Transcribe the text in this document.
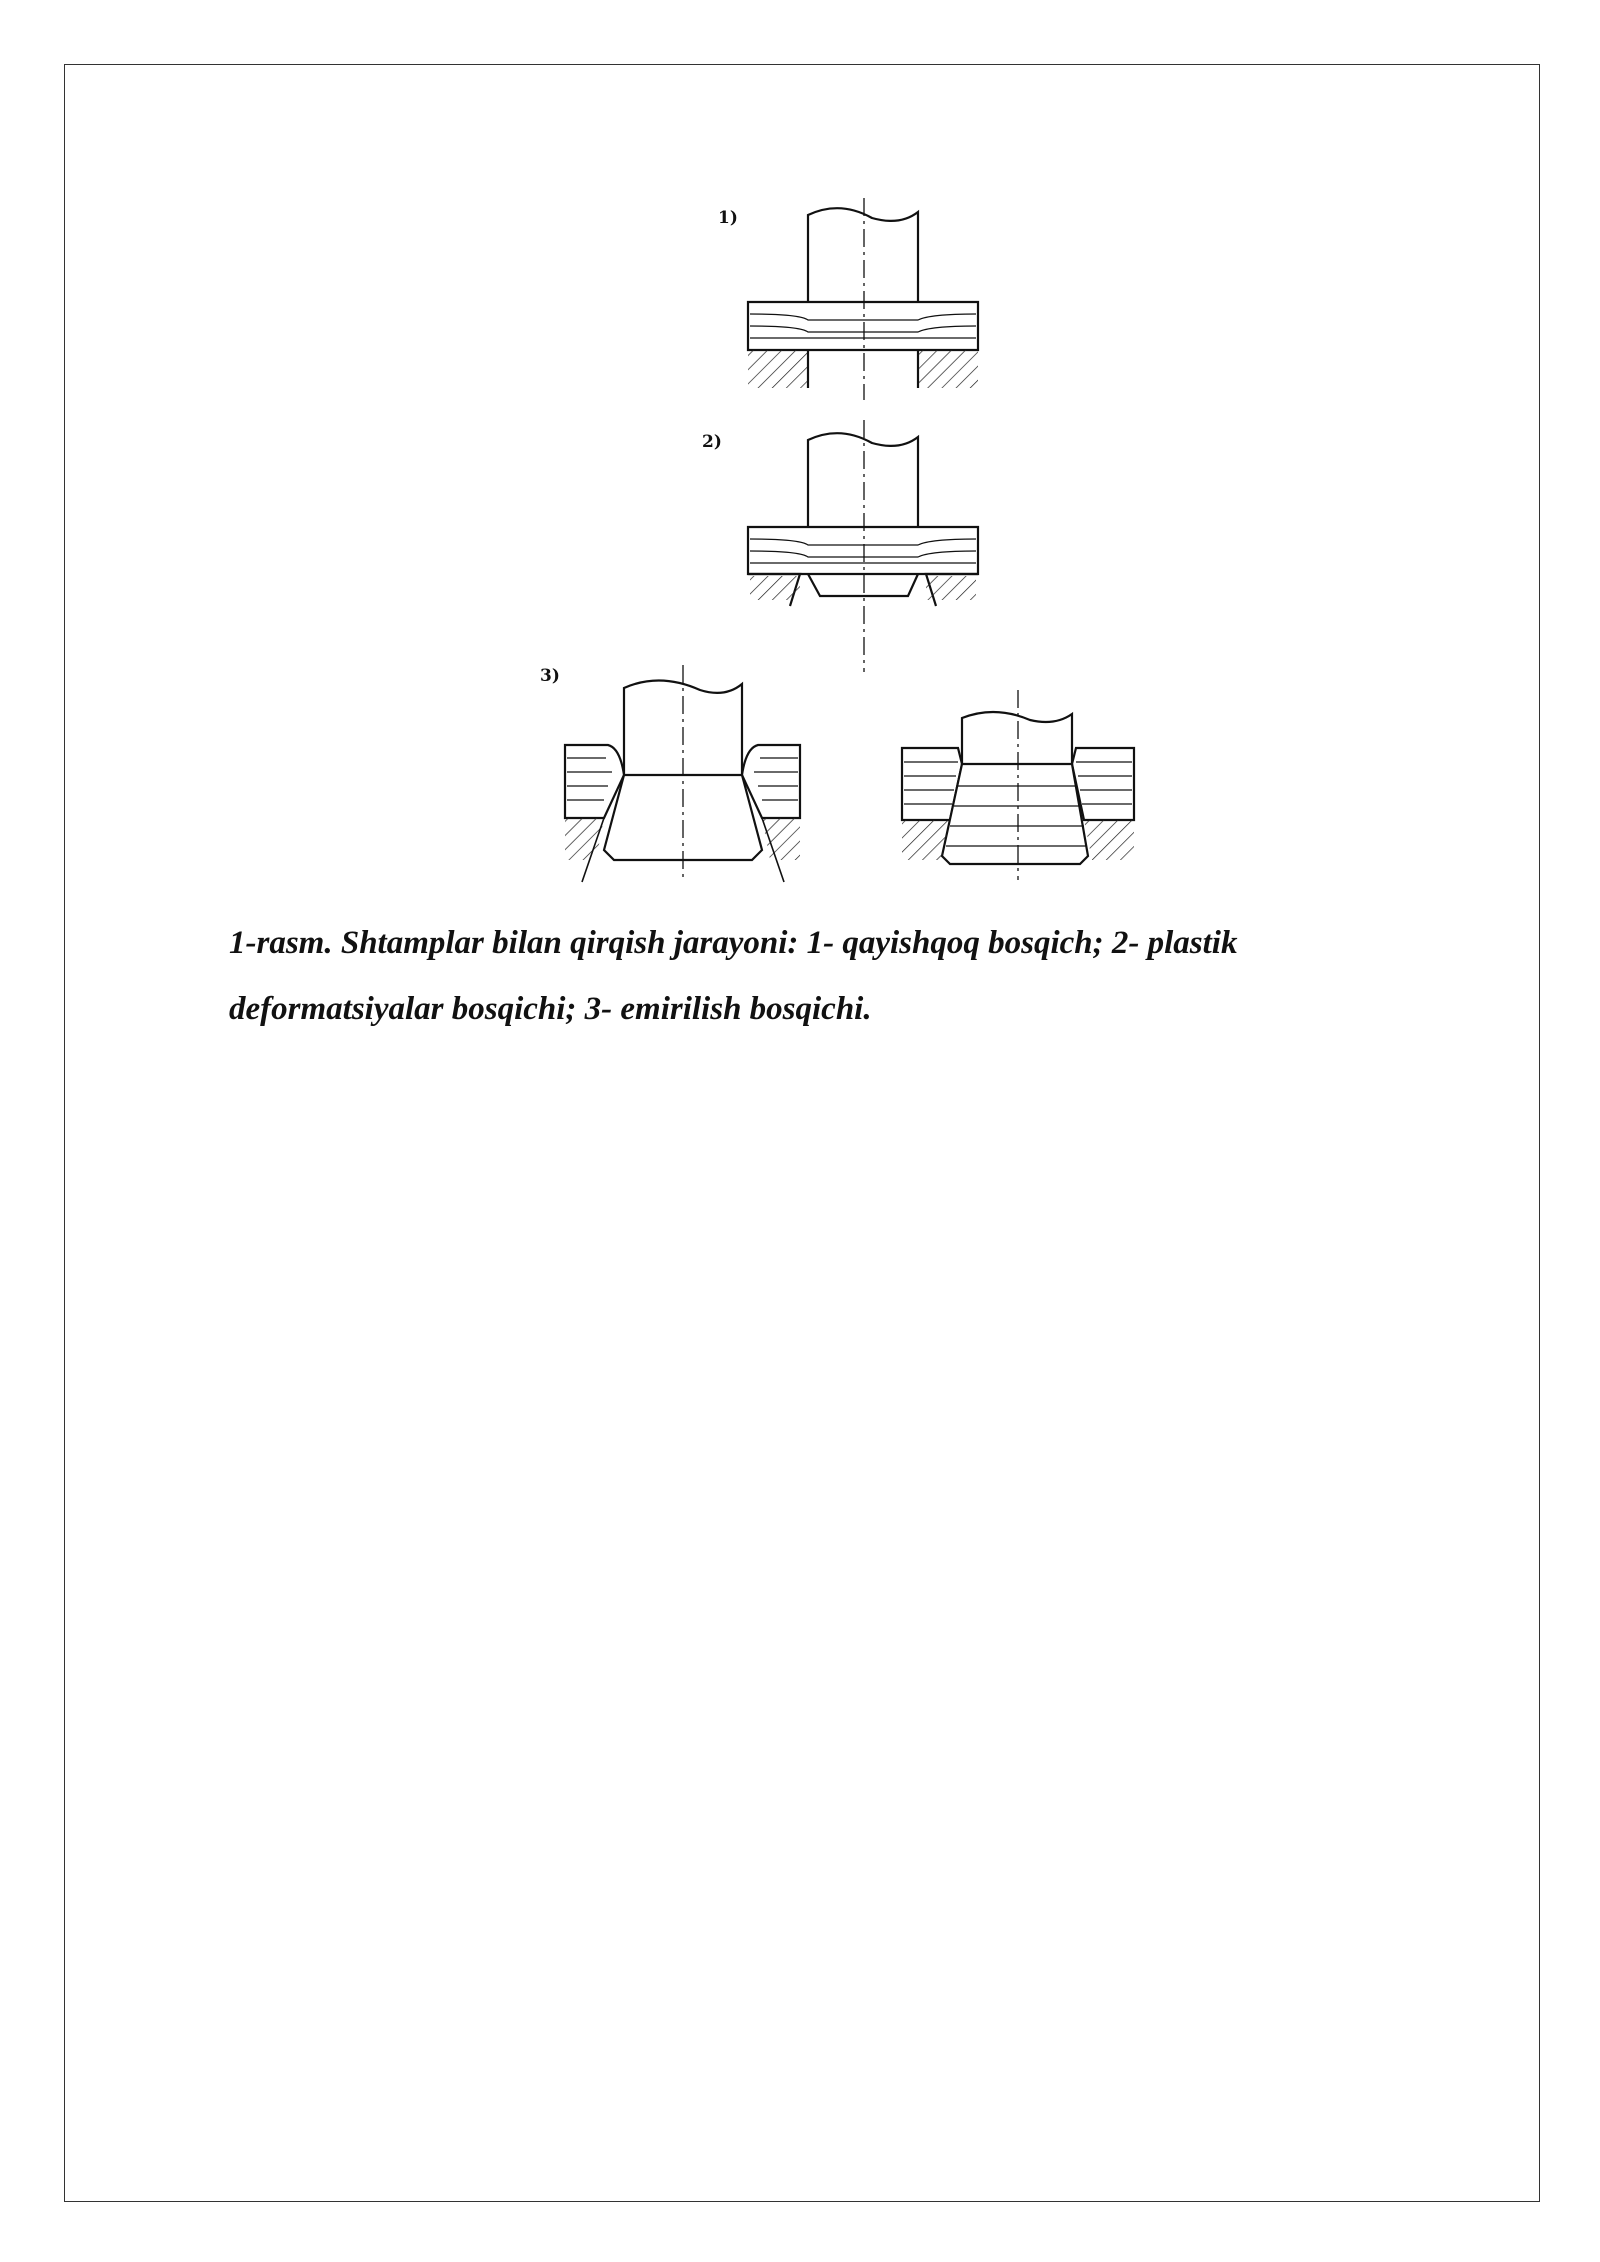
1)
2)
3)
1-rasm. Shtamplar bilan qirqish jarayoni: 1- qayishqoq bosqich; 2- plastik
deformatsiyalar bosqichi; 3- emirilish bosqichi.
